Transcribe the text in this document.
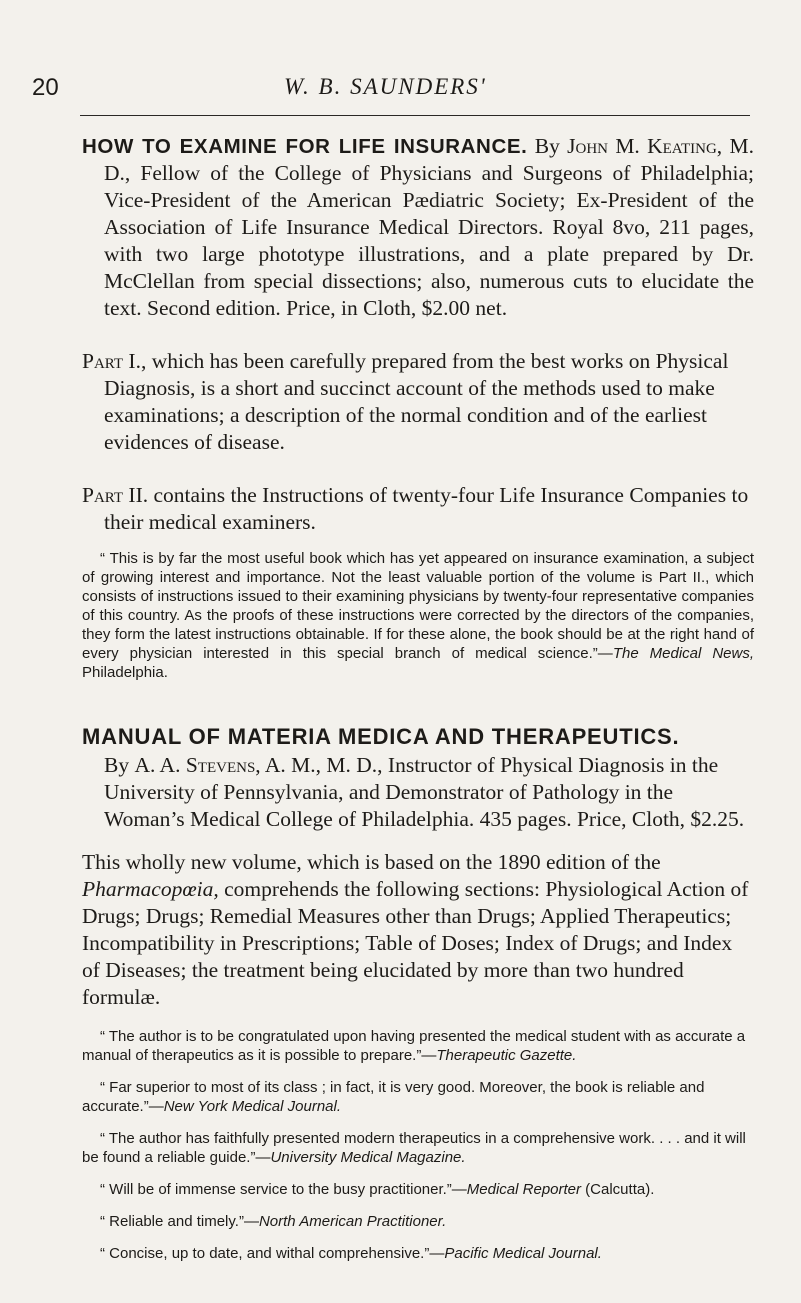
20	W. B. SAUNDERS'

HOW TO EXAMINE FOR LIFE INSURANCE. By John M. Keating, M. D., Fellow of the College of Physicians and Surgeons of Philadelphia; Vice-President of the American Pædiatric Society; Ex-President of the Association of Life Insurance Medical Directors. Royal 8vo, 211 pages, with two large phototype illustrations, and a plate prepared by Dr. McClellan from special dissections; also, numerous cuts to elucidate the text. Second edition. Price, in Cloth, $2.00 net.

Part I., which has been carefully prepared from the best works on Physical Diagnosis, is a short and succinct account of the methods used to make examinations; a description of the normal condition and of the earliest evidences of disease.

Part II. contains the Instructions of twenty-four Life Insurance Companies to their medical examiners.

“ This is by far the most useful book which has yet appeared on insurance examination, a subject of growing interest and importance. Not the least valuable portion of the volume is Part II., which consists of instructions issued to their examining physicians by twenty-four representative companies of this country. As the proofs of these instructions were corrected by the directors of the companies, they form the latest instructions obtainable. If for these alone, the book should be at the right hand of every physician interested in this special branch of medical science.”—The Medical News, Philadelphia.

MANUAL OF MATERIA MEDICA AND THERAPEUTICS.

By A. A. Stevens, A. M., M. D., Instructor of Physical Diagnosis in the University of Pennsylvania, and Demonstrator of Pathology in the Woman’s Medical College of Philadelphia. 435 pages. Price, Cloth, $2.25.

This wholly new volume, which is based on the 1890 edition of the Pharmacopœia, comprehends the following sections: Physiological Action of Drugs; Drugs; Remedial Measures other than Drugs; Applied Therapeutics; Incompatibility in Prescriptions; Table of Doses; Index of Drugs; and Index of Diseases; the treatment being elucidated by more than two hundred formulæ.

“ The author is to be congratulated upon having presented the medical student with as accurate a manual of therapeutics as it is possible to prepare.”—Therapeutic Gazette.

“ Far superior to most of its class ; in fact, it is very good. Moreover, the book is reliable and accurate.”—New York Medical Journal.

“ The author has faithfully presented modern therapeutics in a comprehensive work. . . . and it will be found a reliable guide.”—University Medical Magazine.

“ Will be of immense service to the busy practitioner.”—Medical Reporter (Calcutta).

“ Reliable and timely.”—North American Practitioner.

“ Concise, up to date, and withal comprehensive.”—Pacific Medical Journal.
